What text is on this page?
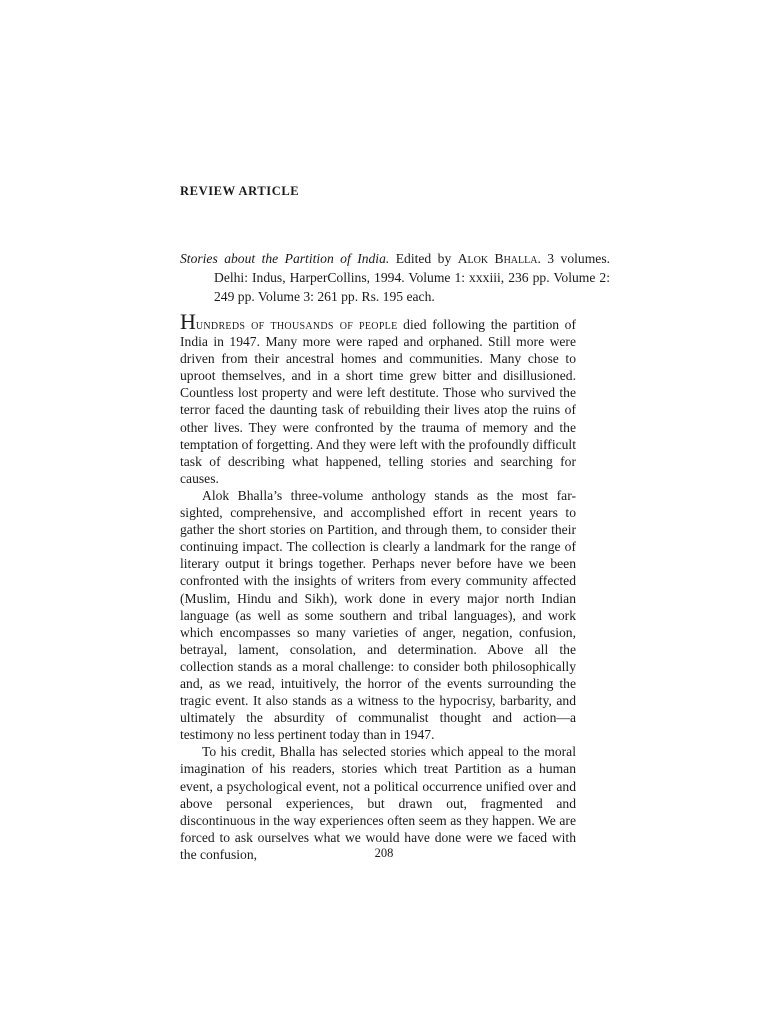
REVIEW ARTICLE
Stories about the Partition of India. Edited by Alok Bhalla. 3 volumes. Delhi: Indus, HarperCollins, 1994. Volume 1: xxxiii, 236 pp. Volume 2: 249 pp. Volume 3: 261 pp. Rs. 195 each.

Hundreds of thousands of people died following the partition of India in 1947. Many more were raped and orphaned. Still more were driven from their ancestral homes and communities. Many chose to uproot themselves, and in a short time grew bitter and disillusioned. Countless lost property and were left destitute. Those who survived the terror faced the daunting task of rebuilding their lives atop the ruins of other lives. They were confronted by the trauma of memory and the temptation of forgetting. And they were left with the profoundly difficult task of describing what happened, telling stories and searching for causes.

Alok Bhalla’s three-volume anthology stands as the most far-sighted, comprehensive, and accomplished effort in recent years to gather the short stories on Partition, and through them, to consider their continuing impact. The collection is clearly a landmark for the range of literary output it brings together. Perhaps never before have we been confronted with the insights of writers from every community affected (Muslim, Hindu and Sikh), work done in every major north Indian language (as well as some southern and tribal languages), and work which encompasses so many varieties of anger, negation, confusion, betrayal, lament, consolation, and determination. Above all the collection stands as a moral challenge: to consider both philosophically and, as we read, intuitively, the horror of the events surrounding the tragic event. It also stands as a witness to the hypocrisy, barbarity, and ultimately the absurdity of communalist thought and action—a testimony no less pertinent today than in 1947.

To his credit, Bhalla has selected stories which appeal to the moral imagination of his readers, stories which treat Partition as a human event, a psychological event, not a political occurrence unified over and above personal experiences, but drawn out, fragmented and discontinuous in the way experiences often seem as they happen. We are forced to ask ourselves what we would have done were we faced with the confusion,	208
